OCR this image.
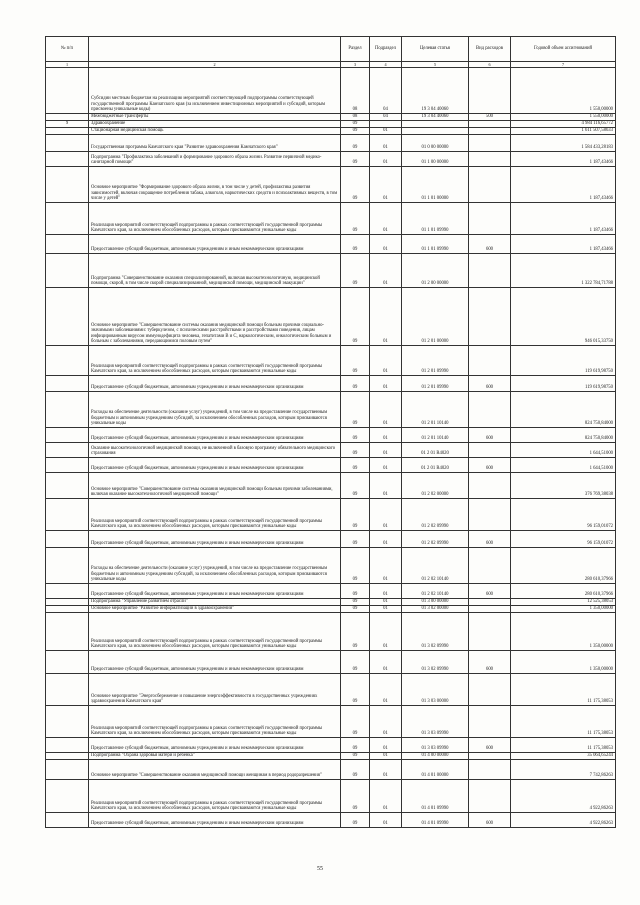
№ п/п		Раздел	Подраздел	Целевая статья	Вид расходов	Годовой объем ассигнований
1	2	3	4	5	6	7
	Субсидии местным бюджетам на реализацию мероприятий соответствующей подпрограммы соответствующей государственной программы Камчатского края (за исключением инвестиционных мероприятий и субсидий, которым присвоены уникальные коды)	08	04	19 3 04 40060		1 550,00000
	Межбюджетные трансферты	08	04	19 3 04 40060	500	1 550,00000
9	Здравоохранение	09				4 984 116,65772
	Стационарная медицинская помощь	09	01			1 611 507,58633
	Государственная программа Камчатского края "Развитие здравоохранения Камчатского края"	09	01	01 0 00 00000		1 584 433,28183
	Подпрограмма "Профилактика заболеваний и формирование здорового образа жизни. Развитие первичной медико-санитарной помощи"	09	01	01 1 00 00000		1 187,43466
	Основное мероприятие "Формирование здорового образа жизни, в том числе у детей, профилактика развития зависимостей, включая сокращение потребления табака, алкоголя, наркотических средств и психоактивных веществ, в том числе у детей"	09	01	01 1 01 00000		1 187,43466
	Реализация мероприятий соответствующей подпрограммы в рамках соответствующей государственной программы Камчатского края, за исключением обособленных расходов, которым присваиваются уникальные коды	09	01	01 1 01 09990		1 187,43466
	Предоставление субсидий бюджетным, автономным учреждениям и иным некоммерческим организациям	09	01	01 1 01 09990	600	1 187,43466
	Подпрограмма "Совершенствование оказания специализированной, включая высокотехнологичную, медицинской помощи, скорой, в том числе скорой специализированной, медицинской помощи, медицинской эвакуации"	09	01	01 2 00 00000		1 322 784,71788
	Основное мероприятие "Совершенствование системы оказания медицинской помощи больным прочими социально-значимыми заболеваниями: туберкулезом, с психическими расстройствами и расстройствами поведения, лицам инфицированным вирусом иммунодефицита человека, гепатитами B и C, наркологическим, онкологическим больным и больным с заболеваниями, передающимися половым путем"	09	01	01 2 01 00000		946 015,33750
	Реализация мероприятий соответствующей подпрограммы в рамках соответствующей государственной программы Камчатского края, за исключением обособленных расходов, которым присваиваются уникальные коды	09	01	01 2 01 09990		119 619,98750
	Предоставление субсидий бюджетным, автономным учреждениям и иным некоммерческим организациям	09	01	01 2 01 09990	600	119 619,98750
	Расходы на обеспечение деятельности (оказание услуг) учреждений, в том числе на предоставление государственным бюджетным и автономным учреждениям субсидий, за исключением обособленных расходов, которым присваиваются уникальные коды	09	01	01 2 01 10140		824 750,84000
	Предоставление субсидий бюджетным, автономным учреждениям и иным некоммерческим организациям	09	01	01 2 01 10140	600	824 750,84000
	Оказание высокотехнологичной медицинской помощи, не включенной в базовую программу обязательного медицинского страхования	09	01	01 2 01 R4020		1 644,51000
	Предоставление субсидий бюджетным, автономным учреждениям и иным некоммерческим организациям	09	01	01 2 01 R4020	600	1 644,51000
	Основное мероприятие "Совершенствование системы оказания медицинской помощи больным прочими заболеваниями, включая оказание высокотехнологичной медицинской помощи"	09	01	01 2 02 00000		376 769,38038
	Реализация мероприятий соответствующей подпрограммы в рамках соответствующей государственной программы Камчатского края, за исключением обособленных расходов, которым присваиваются уникальные коды	09	01	01 2 02 09990		96 159,01072
	Предоставление субсидий бюджетным, автономным учреждениям и иным некоммерческим организациям	09	01	01 2 02 09990	600	96 159,01072
	Расходы на обеспечение деятельности (оказание услуг) учреждений, в том числе на предоставление государственным бюджетным и автономным учреждениям субсидий, за исключением обособленных расходов, которым присваиваются уникальные коды	09	01	01 2 02 10140		280 610,37966
	Предоставление субсидий бюджетным, автономным учреждениям и иным некоммерческим организациям	09	01	01 2 02 10140	600	280 610,37966
	Подпрограмма "Управление развитием отрасли"	09	01	01 3 00 00000		12 525,38053
	Основное мероприятие "Развитие информатизации в здравоохранении"	09	01	01 3 02 00000		1 350,00000
	Реализация мероприятий соответствующей подпрограммы в рамках соответствующей государственной программы Камчатского края, за исключением обособленных расходов, которым присваиваются уникальные коды	09	01	01 3 02 09990		1 350,00000
	Предоставление субсидий бюджетным, автономным учреждениям и иным некоммерческим организациям	09	01	01 3 02 09990	600	1 350,00000
	Основное мероприятие "Энергосбережение и повышение энергоэффективности в государственных учреждениях здравоохранения Камчатского края"	09	01	01 3 03 00000		11 175,38053
	Реализация мероприятий соответствующей подпрограммы в рамках соответствующей государственной программы Камчатского края, за исключением обособленных расходов, которым присваиваются уникальные коды	09	01	01 3 03 09990		11 175,38053
	Предоставление субсидий бюджетным, автономным учреждениям и иным некоммерческим организациям	09	01	01 3 03 09990	600	11 175,38053
	Подпрограмма "Охрана здоровья матери и ребенка"	09	01	01 4 00 00000		35 064,65244
	Основное мероприятие "Совершенствование оказания медицинской помощи женщинам в период родоразрешения"	09	01	01 4 01 00000		7 742,86263
	Реализация мероприятий соответствующей подпрограммы в рамках соответствующей государственной программы Камчатского края, за исключением обособленных расходов, которым присваиваются уникальные коды	09	01	01 4 01 09990		4 922,86263
	Предоставление субсидий бюджетным, автономным учреждениям и иным некоммерческим организациям	09	01	01 4 01 09990	600	4 922,86263
55
